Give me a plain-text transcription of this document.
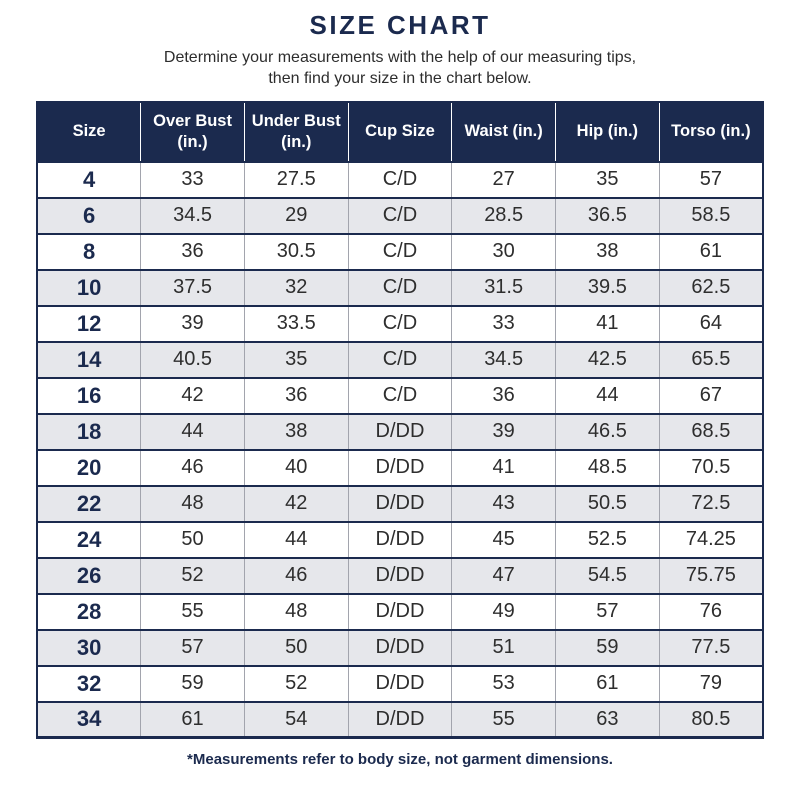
SIZE CHART

Determine your measurements with the help of our measuring tips,
then find your size in the chart below.

Size	Over Bust (in.)	Under Bust (in.)	Cup Size	Waist (in.)	Hip (in.)	Torso (in.)
4	33	27.5	C/D	27	35	57
6	34.5	29	C/D	28.5	36.5	58.5
8	36	30.5	C/D	30	38	61
10	37.5	32	C/D	31.5	39.5	62.5
12	39	33.5	C/D	33	41	64
14	40.5	35	C/D	34.5	42.5	65.5
16	42	36	C/D	36	44	67
18	44	38	D/DD	39	46.5	68.5
20	46	40	D/DD	41	48.5	70.5
22	48	42	D/DD	43	50.5	72.5
24	50	44	D/DD	45	52.5	74.25
26	52	46	D/DD	47	54.5	75.75
28	55	48	D/DD	49	57	76
30	57	50	D/DD	51	59	77.5
32	59	52	D/DD	53	61	79
34	61	54	D/DD	55	63	80.5

*Measurements refer to body size, not garment dimensions.
